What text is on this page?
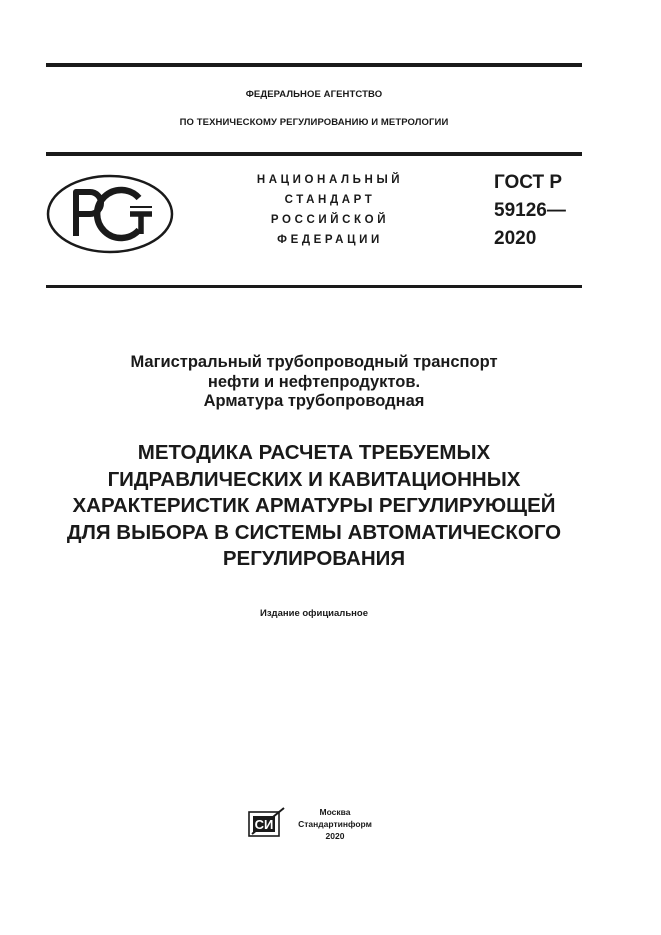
ФЕДЕРАЛЬНОЕ АГЕНТСТВО
ПО ТЕХНИЧЕСКОМУ РЕГУЛИРОВАНИЮ И МЕТРОЛОГИИ
НАЦИОНАЛЬНЫЙ
СТАНДАРТ
РОССИЙСКОЙ
ФЕДЕРАЦИИ
ГОСТ Р
59126—
2020
Магистральный трубопроводный транспорт
нефти и нефтепродуктов.
Арматура трубопроводная
МЕТОДИКА РАСЧЕТА ТРЕБУЕМЫХ
ГИДРАВЛИЧЕСКИХ И КАВИТАЦИОННЫХ
ХАРАКТЕРИСТИК АРМАТУРЫ РЕГУЛИРУЮЩЕЙ
ДЛЯ ВЫБОРА В СИСТЕМЫ АВТОМАТИЧЕСКОГО
РЕГУЛИРОВАНИЯ
Издание официальное
СИ
Москва
Стандартинформ
2020
